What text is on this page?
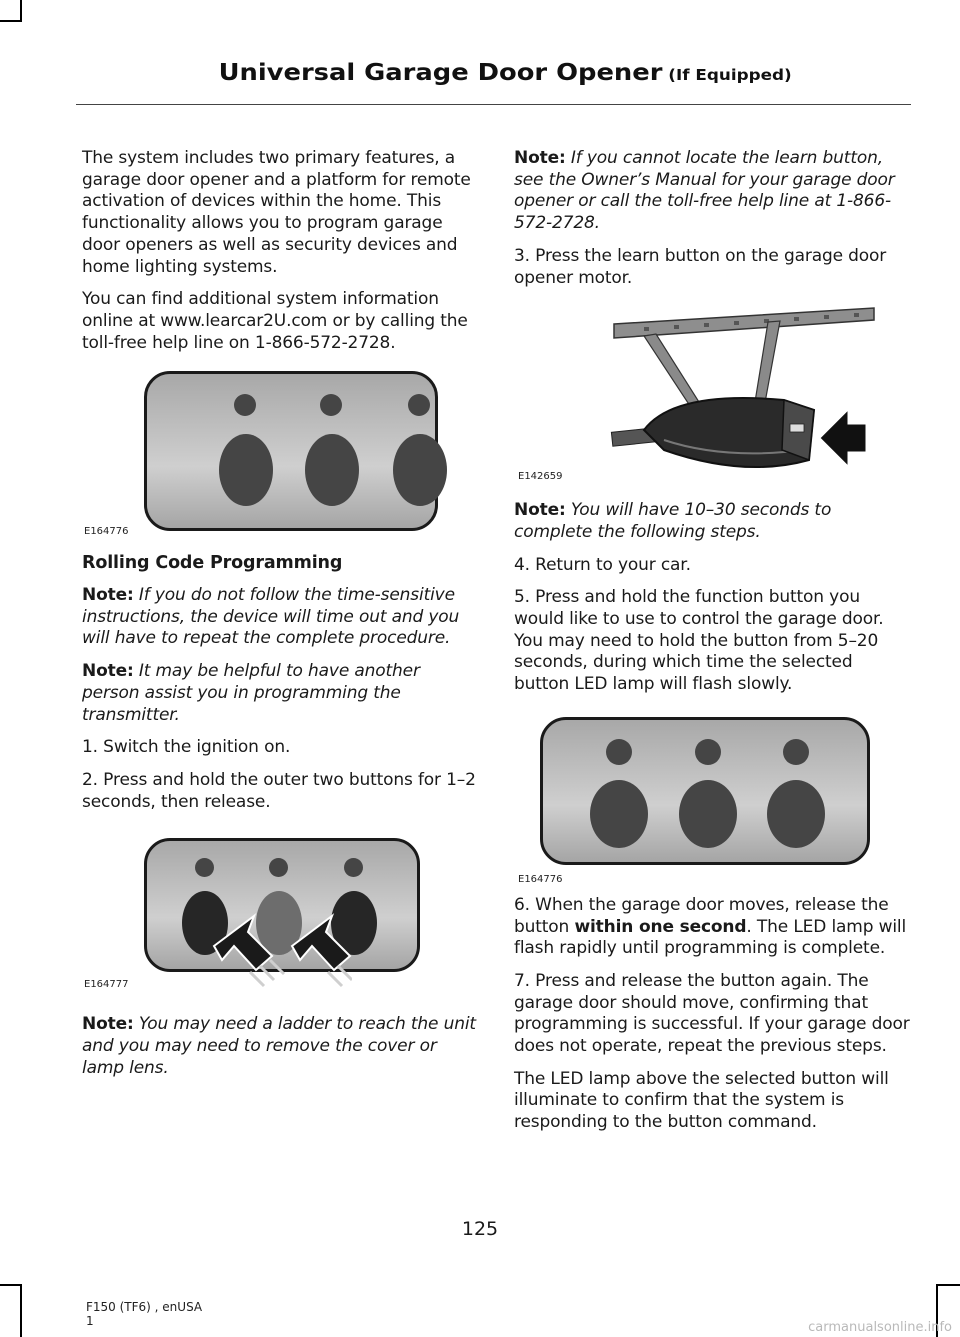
Universal Garage Door Opener (If Equipped)

The system includes two primary features, a garage door opener and a platform for remote activation of devices within the home. This functionality allows you to program garage door openers as well as security devices and home lighting systems.

You can find additional system information online at www.learcar2U.com or by calling the toll-free help line on 1-866-572-2728.

E164776

Rolling Code Programming

Note: If you do not follow the time-sensitive instructions, the device will time out and you will have to repeat the complete procedure.

Note: It may be helpful to have another person assist you in programming the transmitter.

1. Switch the ignition on.

2. Press and hold the outer two buttons for 1–2 seconds, then release.

E164777

Note: You may need a ladder to reach the unit and you may need to remove the cover or lamp lens.

Note: If you cannot locate the learn button, see the Owner’s Manual for your garage door opener or call the toll-free help line at 1-866-572-2728.

3. Press the learn button on the garage door opener motor.

E142659

Note: You will have 10–30 seconds to complete the following steps.

4. Return to your car.

5. Press and hold the function button you would like to use to control the garage door. You may need to hold the button from 5–20 seconds, during which time the selected button LED lamp will flash slowly.

E164776

6. When the garage door moves, release the button within one second. The LED lamp will flash rapidly until programming is complete.

7. Press and release the button again. The garage door should move, confirming that programming is successful. If your garage door does not operate, repeat the previous steps.

The LED lamp above the selected button will illuminate to confirm that the system is responding to the button command.

125
F150 (TF6) , enUSA
1	carmanualsonline.info
